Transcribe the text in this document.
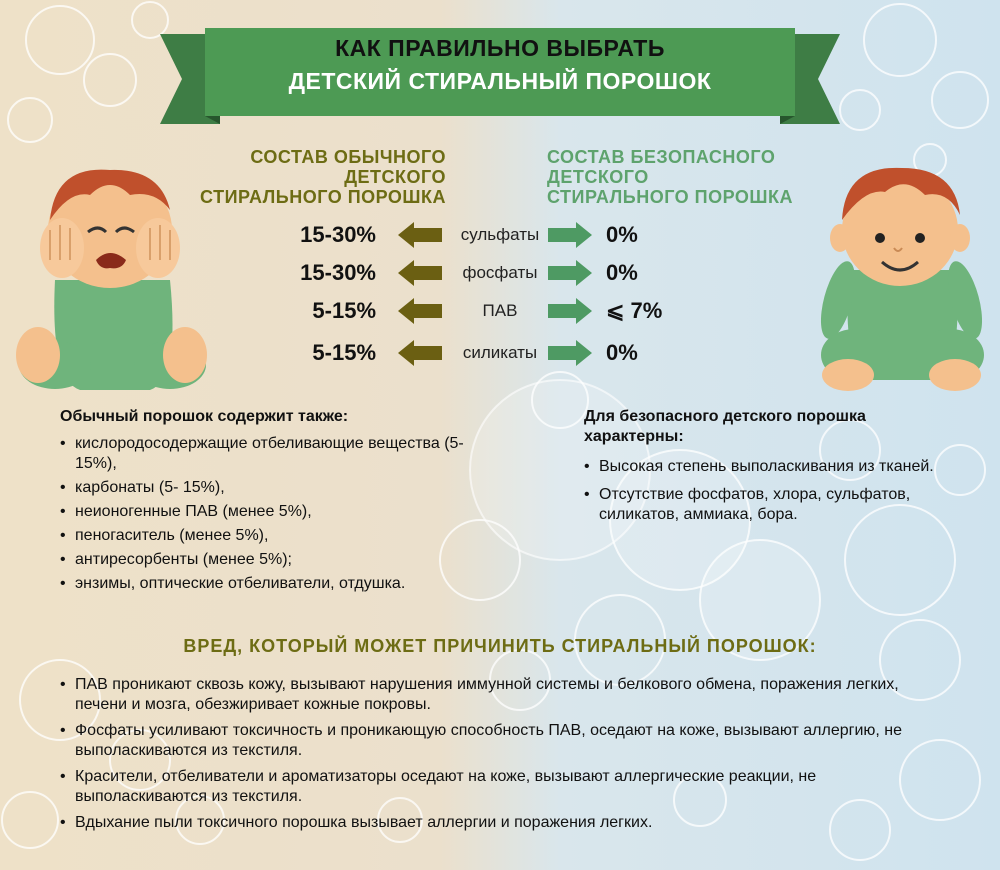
КАК ПРАВИЛЬНО ВЫБРАТЬ
ДЕТСКИЙ СТИРАЛЬНЫЙ ПОРОШОК
СОСТАВ ОБЫЧНОГО
ДЕТСКОГО
СТИРАЛЬНОГО ПОРОШКА
СОСТАВ БЕЗОПАСНОГО
ДЕТСКОГО
СТИРАЛЬНОГО ПОРОШКА
15-30%	сульфаты	0%
15-30%	фосфаты	0%
5-15%	ПАВ	⩽ 7%
5-15%	силикаты	0%
Обычный порошок содержит также:
• кислородосодержащие отбеливающие вещества (5- 15%),
• карбонаты (5- 15%),
• неионогенные ПАВ (менее 5%),
• пеногаситель (менее 5%),
• антиресорбенты (менее 5%);
• энзимы, оптические отбеливатели, отдушка.
Для безопасного детского порошка характерны:
• Высокая степень выполаскивания из тканей.
• Отсутствие фосфатов, хлора, сульфатов, силикатов, аммиака, бора.
ВРЕД, КОТОРЫЙ МОЖЕТ ПРИЧИНИТЬ СТИРАЛЬНЫЙ ПОРОШОК:
• ПАВ проникают сквозь кожу, вызывают нарушения иммунной системы и белкового обмена, поражения легких, печени и мозга, обезжиривает кожные покровы.
• Фосфаты усиливают токсичность и проникающую способность ПАВ, оседают на коже, вызывают аллергию, не выполаскиваются из текстиля.
• Красители, отбеливатели и ароматизаторы оседают на коже, вызывают аллергические реакции, не выполаскиваются из текстиля.
• Вдыхание пыли токсичного порошка вызывает аллергии и поражения легких.
